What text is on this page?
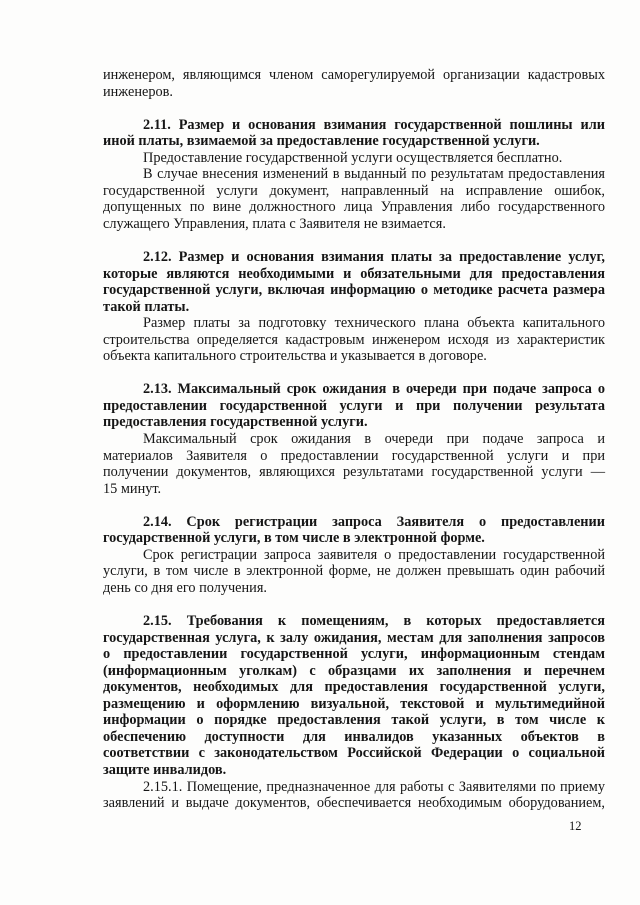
инженером, являющимся членом саморегулируемой организации кадастровых
инженеров.
2.11. Размер и основания взимания государственной пошлины или
иной платы, взимаемой за предоставление государственной услуги.
Предоставление государственной услуги осуществляется бесплатно.
В случае внесения изменений в выданный по результатам предоставления
государственной услуги документ, направленный на исправление ошибок,
допущенных по вине должностного лица Управления либо государственного
служащего Управления, плата с Заявителя не взимается.
2.12. Размер и основания взимания платы за предоставление услуг,
которые являются необходимыми и обязательными для предоставления
государственной услуги, включая информацию о методике расчета размера
такой платы.
Размер платы за подготовку технического плана объекта капитального
строительства определяется кадастровым инженером исходя из характеристик
объекта капитального строительства и указывается в договоре.
2.13. Максимальный срок ожидания в очереди при подаче запроса о
предоставлении государственной услуги и при получении результата
предоставления государственной услуги.
Максимальный срок ожидания в очереди при подаче запроса и
материалов Заявителя о предоставлении государственной услуги и при
получении документов, являющихся результатами государственной услуги —
15 минут.
2.14. Срок регистрации запроса Заявителя о предоставлении
государственной услуги, в том числе в электронной форме.
Срок регистрации запроса заявителя о предоставлении государственной
услуги, в том числе в электронной форме, не должен превышать один рабочий
день со дня его получения.
2.15. Требования к помещениям, в которых предоставляется
государственная услуга, к залу ожидания, местам для заполнения запросов
о предоставлении государственной услуги, информационным стендам
(информационным уголкам) с образцами их заполнения и перечнем
документов, необходимых для предоставления государственной услуги,
размещению и оформлению визуальной, текстовой и мультимедийной
информации о порядке предоставления такой услуги, в том числе к
обеспечению доступности для инвалидов указанных объектов в
соответствии с законодательством Российской Федерации о социальной
защите инвалидов.
2.15.1. Помещение, предназначенное для работы с Заявителями по приему
заявлений и выдаче документов, обеспечивается необходимым оборудованием,
12
